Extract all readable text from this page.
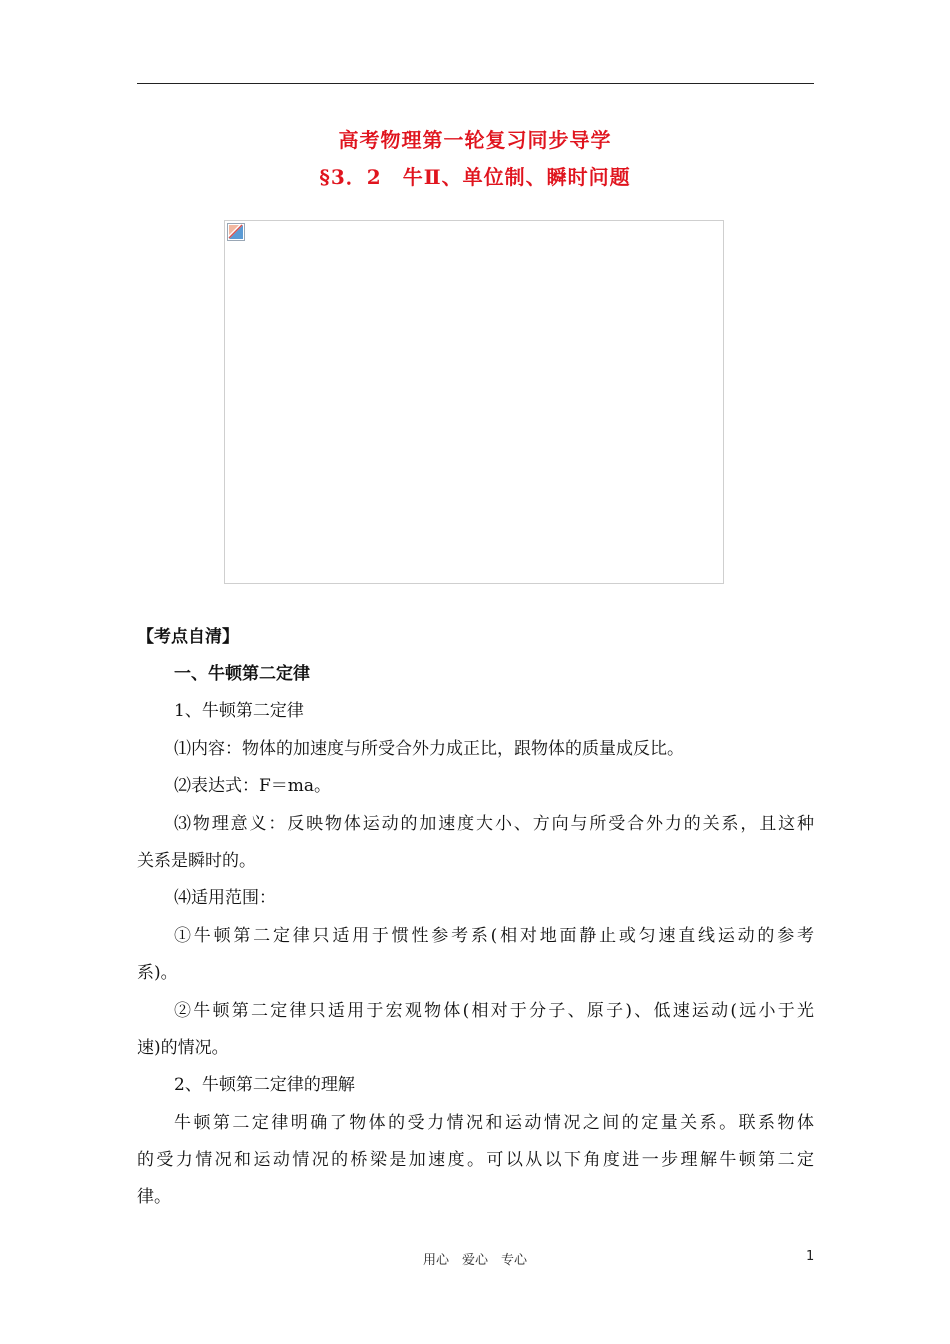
高考物理第一轮复习同步导学
§3．2　牛Ⅱ、单位制、瞬时问题
【考点自清】
一、牛顿第二定律
1、牛顿第二定律
⑴内容：物体的加速度与所受合外力成正比，跟物体的质量成反比。
⑵表达式：F＝ma。
⑶物理意义：反映物体运动的加速度大小、方向与所受合外力的关系，且这种
关系是瞬时的。
⑷适用范围：
①牛顿第二定律只适用于惯性参考系(相对地面静止或匀速直线运动的参考
系)。
②牛顿第二定律只适用于宏观物体(相对于分子、原子)、低速运动(远小于光
速)的情况。
2、牛顿第二定律的理解
牛顿第二定律明确了物体的受力情况和运动情况之间的定量关系。联系物体
的受力情况和运动情况的桥梁是加速度。可以从以下角度进一步理解牛顿第二定
律。
用心　爱心　专心	1
